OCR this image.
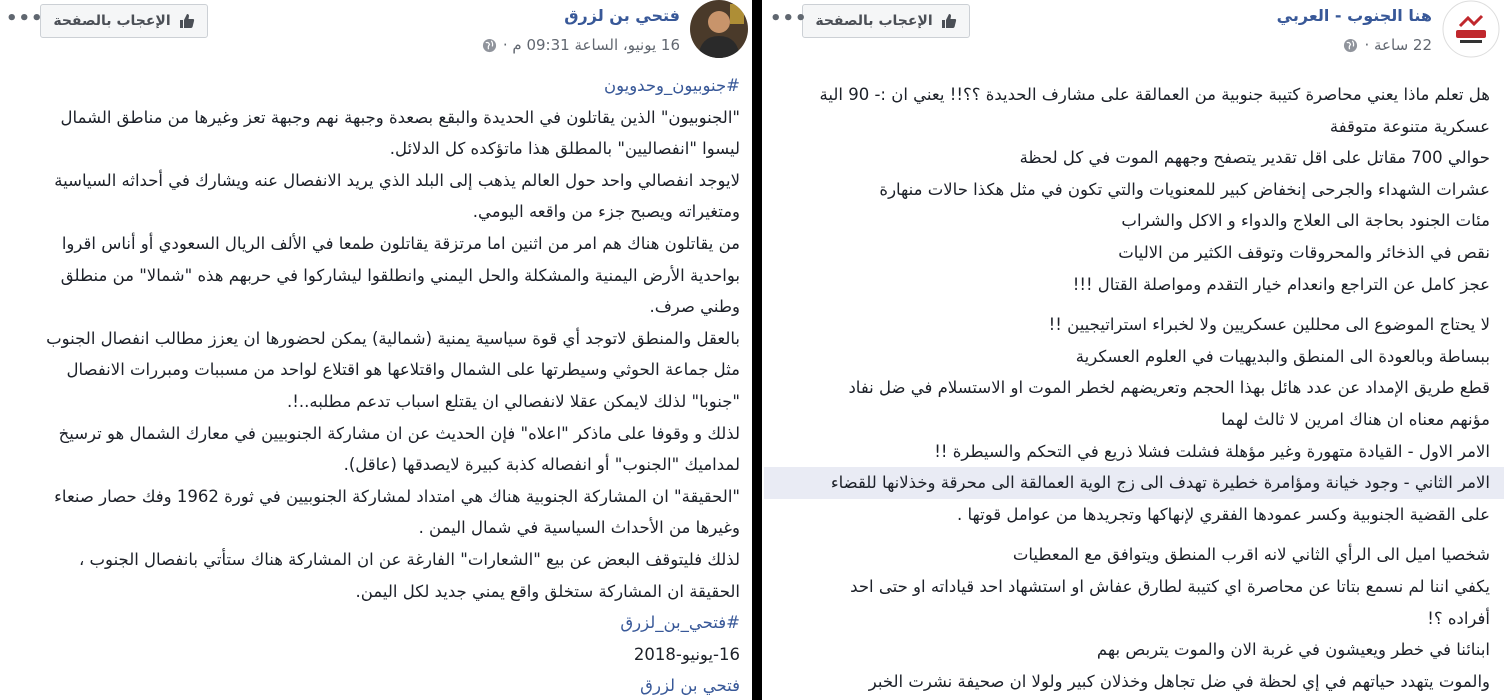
فتحي بن لزرق
16 يونيو، الساعة 09:31 م ·
الإعجاب بالصفحة
•••
#جنوبيون_وحدويون
"الجنوبيون" الذين يقاتلون في الحديدة والبقع بصعدة وجبهة نهم وجبهة تعز وغيرها من مناطق الشمال
ليسوا "انفصاليين" بالمطلق هذا ماتؤكده كل الدلائل.
لايوجد انفصالي واحد حول العالم يذهب إلى البلد الذي يريد الانفصال عنه ويشارك في أحداثه السياسية
ومتغيراته ويصبح جزء من واقعه اليومي.
من يقاتلون هناك هم امر من اثنين اما مرتزقة يقاتلون طمعا في الألف الريال السعودي أو أناس اقروا
بواحدية الأرض اليمنية والمشكلة والحل اليمني وانطلقوا ليشاركوا في حربهم هذه "شمالا" من منطلق
وطني صرف.
بالعقل والمنطق لاتوجد أي قوة سياسية يمنية (شمالية) يمكن لحضورها ان يعزز مطالب انفصال الجنوب
مثل جماعة الحوثي وسيطرتها على الشمال واقتلاعها هو اقتلاع لواحد من مسببات ومبررات الانفصال
"جنوبا" لذلك لايمكن عقلا لانفصالي ان يقتلع اسباب تدعم مطلبه..!.
لذلك و وقوفا على ماذكر "اعلاه" فإن الحديث عن ان مشاركة الجنوبيين في معارك الشمال هو ترسيخ
لمداميك "الجنوب" أو انفصاله كذبة كبيرة لايصدقها (عاقل).
"الحقيقة" ان المشاركة الجنوبية هناك هي امتداد لمشاركة الجنوبيين في ثورة 1962 وفك حصار صنعاء
وغيرها من الأحداث السياسية في شمال اليمن .
لذلك فليتوقف البعض عن بيع "الشعارات" الفارغة عن ان المشاركة هناك ستأتي بانفصال الجنوب ،
الحقيقة ان المشاركة ستخلق واقع يمني جديد لكل اليمن.
#فتحي_بن_لزرق
16-يونيو-2018
فتحي بن لزرق
هنا الجنوب - العربي
22 ساعة ·
الإعجاب بالصفحة
•••
هل تعلم ماذا يعني محاصرة كتيبة جنوبية من العمالقة على مشارف الحديدة ؟؟!! يعني ان :- 90 الية
عسكرية متنوعة متوقفة
حوالي 700 مقاتل على اقل تقدير يتصفح وجههم الموت في كل لحظة
عشرات الشهداء والجرحى إنخفاض كبير للمعنويات والتي تكون في مثل هكذا حالات منهارة
مئات الجنود بحاجة الى العلاج والدواء و الاكل والشراب
نقص في الذخائر والمحروقات وتوقف الكثير من الاليات
عجز كامل عن التراجع وانعدام خيار التقدم ومواصلة القتال !!!
لا يحتاج الموضوع الى محللين عسكريين ولا لخبراء استراتيجيين !!
ببساطة وبالعودة الى المنطق والبديهيات في العلوم العسكرية
قطع طريق الإمداد عن عدد هائل بهذا الحجم وتعريضهم لخطر الموت او الاستسلام في ضل نفاد
مؤنهم معناه ان هناك امرين لا ثالث لهما
الامر الاول - القيادة متهورة وغير مؤهلة فشلت فشلا ذريع في التحكم والسيطرة !!
الامر الثاني - وجود خيانة ومؤامرة خطيرة تهدف الى زج الوية العمالقة الى محرقة وخذلانها للقضاء
على القضية الجنوبية وكسر عمودها الفقري لإنهاكها وتجريدها من عوامل قوتها .
شخصيا اميل الى الرأي الثاني لانه اقرب المنطق ويتوافق مع المعطيات
يكفي اننا لم نسمع بتاتا عن محاصرة اي كتيبة لطارق عفاش او استشهاد احد قياداته او حتى احد
أفراده ؟!
ابنائنا في خطر ويعيشون في غربة الان والموت يتربص بهم
والموت يتهدد حياتهم في إي لحظة في ضل تجاهل وخذلان كبير ولولا ان صحيفة نشرت الخبر
